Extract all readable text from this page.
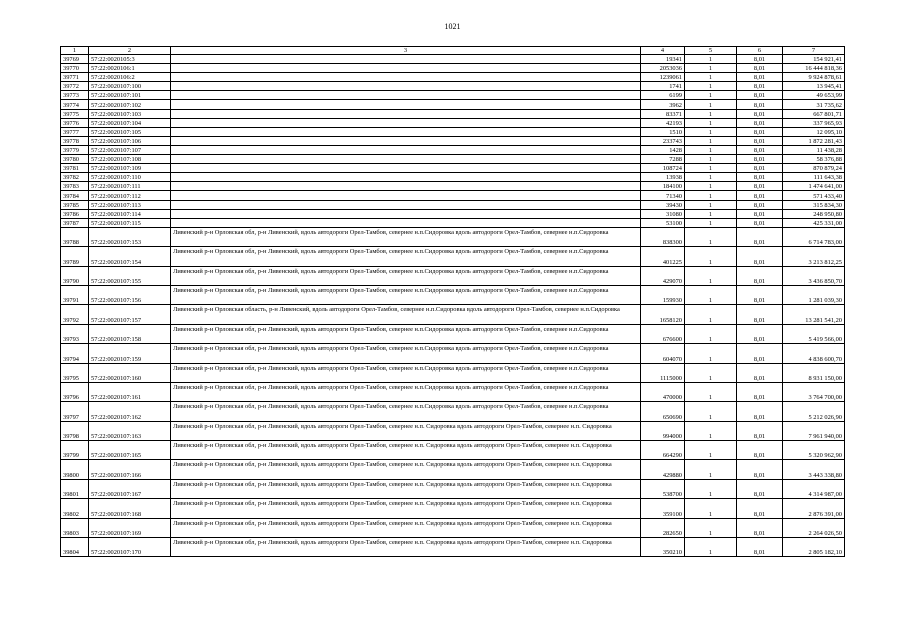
1021
1	2	3	4	5	6	7
39769	57:22:0020105:3		19341	1	8,01	154 921,41
39770	57:22:0020106:1		2053036	1	8,01	16 444 818,36
39771	57:22:0020106:2		1239061	1	8,01	9 924 878,61
39772	57:22:0020107:100		1741	1	8,01	13 945,41
39773	57:22:0020107:101		6199	1	8,01	49 653,99
39774	57:22:0020107:102		3962	1	8,01	31 735,62
39775	57:22:0020107:103		83371	1	8,01	667 801,71
39776	57:22:0020107:104		42193	1	8,01	337 965,93
39777	57:22:0020107:105		1510	1	8,01	12 095,10
39778	57:22:0020107:106		233743	1	8,01	1 872 281,43
39779	57:22:0020107:107		1428	1	8,01	11 438,28
39780	57:22:0020107:108		7288	1	8,01	58 376,88
39781	57:22:0020107:109		108724	1	8,01	870 879,24
39782	57:22:0020107:110		13938	1	8,01	111 643,38
39783	57:22:0020107:111		184100	1	8,01	1 474 641,00
39784	57:22:0020107:112		71340	1	8,01	571 433,40
39785	57:22:0020107:113		39430	1	8,01	315 834,30
39786	57:22:0020107:114		31080	1	8,01	248 950,80
39787	57:22:0020107:115		53100	1	8,01	425 331,00
39788	57:22:0020107:153	Ливенский р-н Орловская обл, р-н Ливенский, вдоль автодороги Орел-Тамбов, севернее н.п.Сидоровка вдоль автодороги Орел-Тамбов, севернее н.п.Сидоровка	838300	1	8,01	6 714 783,00
39789	57:22:0020107:154	Ливенский р-н Орловская обл, р-н Ливенский, вдоль автодороги Орел-Тамбов, севернее н.п.Сидоровка вдоль автодороги Орел-Тамбов, севернее н.п.Сидоровка	401225	1	8,01	3 213 812,25
39790	57:22:0020107:155	Ливенский р-н Орловская обл, р-н Ливенский, вдоль автодороги Орел-Тамбов, севернее н.п.Сидоровка вдоль автодороги Орел-Тамбов, севернее н.п.Сидоровка	429070	1	8,01	3 436 850,70
39791	57:22:0020107:156	Ливенский р-н Орловская обл, р-н Ливенский, вдоль автодороги Орел-Тамбов, севернее н.п.Сидоровка вдоль автодороги Орел-Тамбов, севернее н.п.Сидоровка	159930	1	8,01	1 281 039,30
39792	57:22:0020107:157	Ливенский р-н Орловская область, р-н Ливенский, вдоль автодороги Орел-Тамбов, севернее н.п.Сидоровка вдоль автодороги Орел-Тамбов, севернее н.п.Сидоровка	1658120	1	8,01	13 281 541,20
39793	57:22:0020107:158	Ливенский р-н Орловская обл, р-н Ливенский, вдоль автодороги Орел-Тамбов, севернее н.п.Сидоровка вдоль автодороги Орел-Тамбов, севернее н.п.Сидоровка	676600	1	8,01	5 419 566,00
39794	57:22:0020107:159	Ливенский р-н Орловская обл, р-н Ливенский, вдоль автодороги Орел-Тамбов, севернее н.п.Сидоровка вдоль автодороги Орел-Тамбов, севернее н.п.Сидоровка	604070	1	8,01	4 838 600,70
39795	57:22:0020107:160	Ливенский р-н Орловская обл, р-н Ливенский, вдоль автодороги Орел-Тамбов, севернее н.п.Сидоровка вдоль автодороги Орел-Тамбов, севернее н.п.Сидоровка	1115000	1	8,01	8 931 150,00
39796	57:22:0020107:161	Ливенский р-н Орловская обл, р-н Ливенский, вдоль автодороги Орел-Тамбов, севернее н.п.Сидоровка вдоль автодороги Орел-Тамбов, севернее н.п.Сидоровка	470000	1	8,01	3 764 700,00
39797	57:22:0020107:162	Ливенский р-н Орловская обл, р-н Ливенский, вдоль автодороги Орел-Тамбов, севернее н.п.Сидоровка вдоль автодороги Орел-Тамбов, севернее н.п.Сидоровка	650690	1	8,01	5 212 026,90
39798	57:22:0020107:163	Ливенский р-н Орловская обл, р-н Ливенский, вдоль автодороги Орел-Тамбов, севернее н.п. Сидоровка вдоль автодороги Орел-Тамбов, севернее н.п. Сидоровка	994000	1	8,01	7 961 940,00
39799	57:22:0020107:165	Ливенский р-н Орловская обл, р-н Ливенский, вдоль автодороги Орел-Тамбов, севернее н.п. Сидоровка вдоль автодороги Орел-Тамбов, севернее н.п. Сидоровка	664290	1	8,01	5 320 962,90
39800	57:22:0020107:166	Ливенский р-н Орловская обл, р-н Ливенский, вдоль автодороги Орел-Тамбов, севернее н.п. Сидоровка вдоль автодороги Орел-Тамбов, севернее н.п. Сидоровка	429880	1	8,01	3 443 338,80
39801	57:22:0020107:167	Ливенский р-н Орловская обл, р-н Ливенский, вдоль автодороги Орел-Тамбов, севернее н.п. Сидоровка вдоль автодороги Орел-Тамбов, севернее н.п. Сидоровка	538700	1	8,01	4 314 987,00
39802	57:22:0020107:168	Ливенский р-н Орловская обл, р-н Ливенский, вдоль автодороги Орел-Тамбов, севернее н.п. Сидоровка вдоль автодороги Орел-Тамбов, севернее н.п. Сидоровка	359100	1	8,01	2 876 391,00
39803	57:22:0020107:169	Ливенский р-н Орловская обл, р-н Ливенский, вдоль автодороги Орел-Тамбов, севернее н.п. Сидоровка вдоль автодороги Орел-Тамбов, севернее н.п. Сидоровка	282650	1	8,01	2 264 026,50
39804	57:22:0020107:170	Ливенский р-н Орловская обл, р-н Ливенский, вдоль автодороги Орел-Тамбов, севернее н.п. Сидоровка вдоль автодороги Орел-Тамбов, севернее н.п. Сидоровка	350210	1	8,01	2 805 182,10
